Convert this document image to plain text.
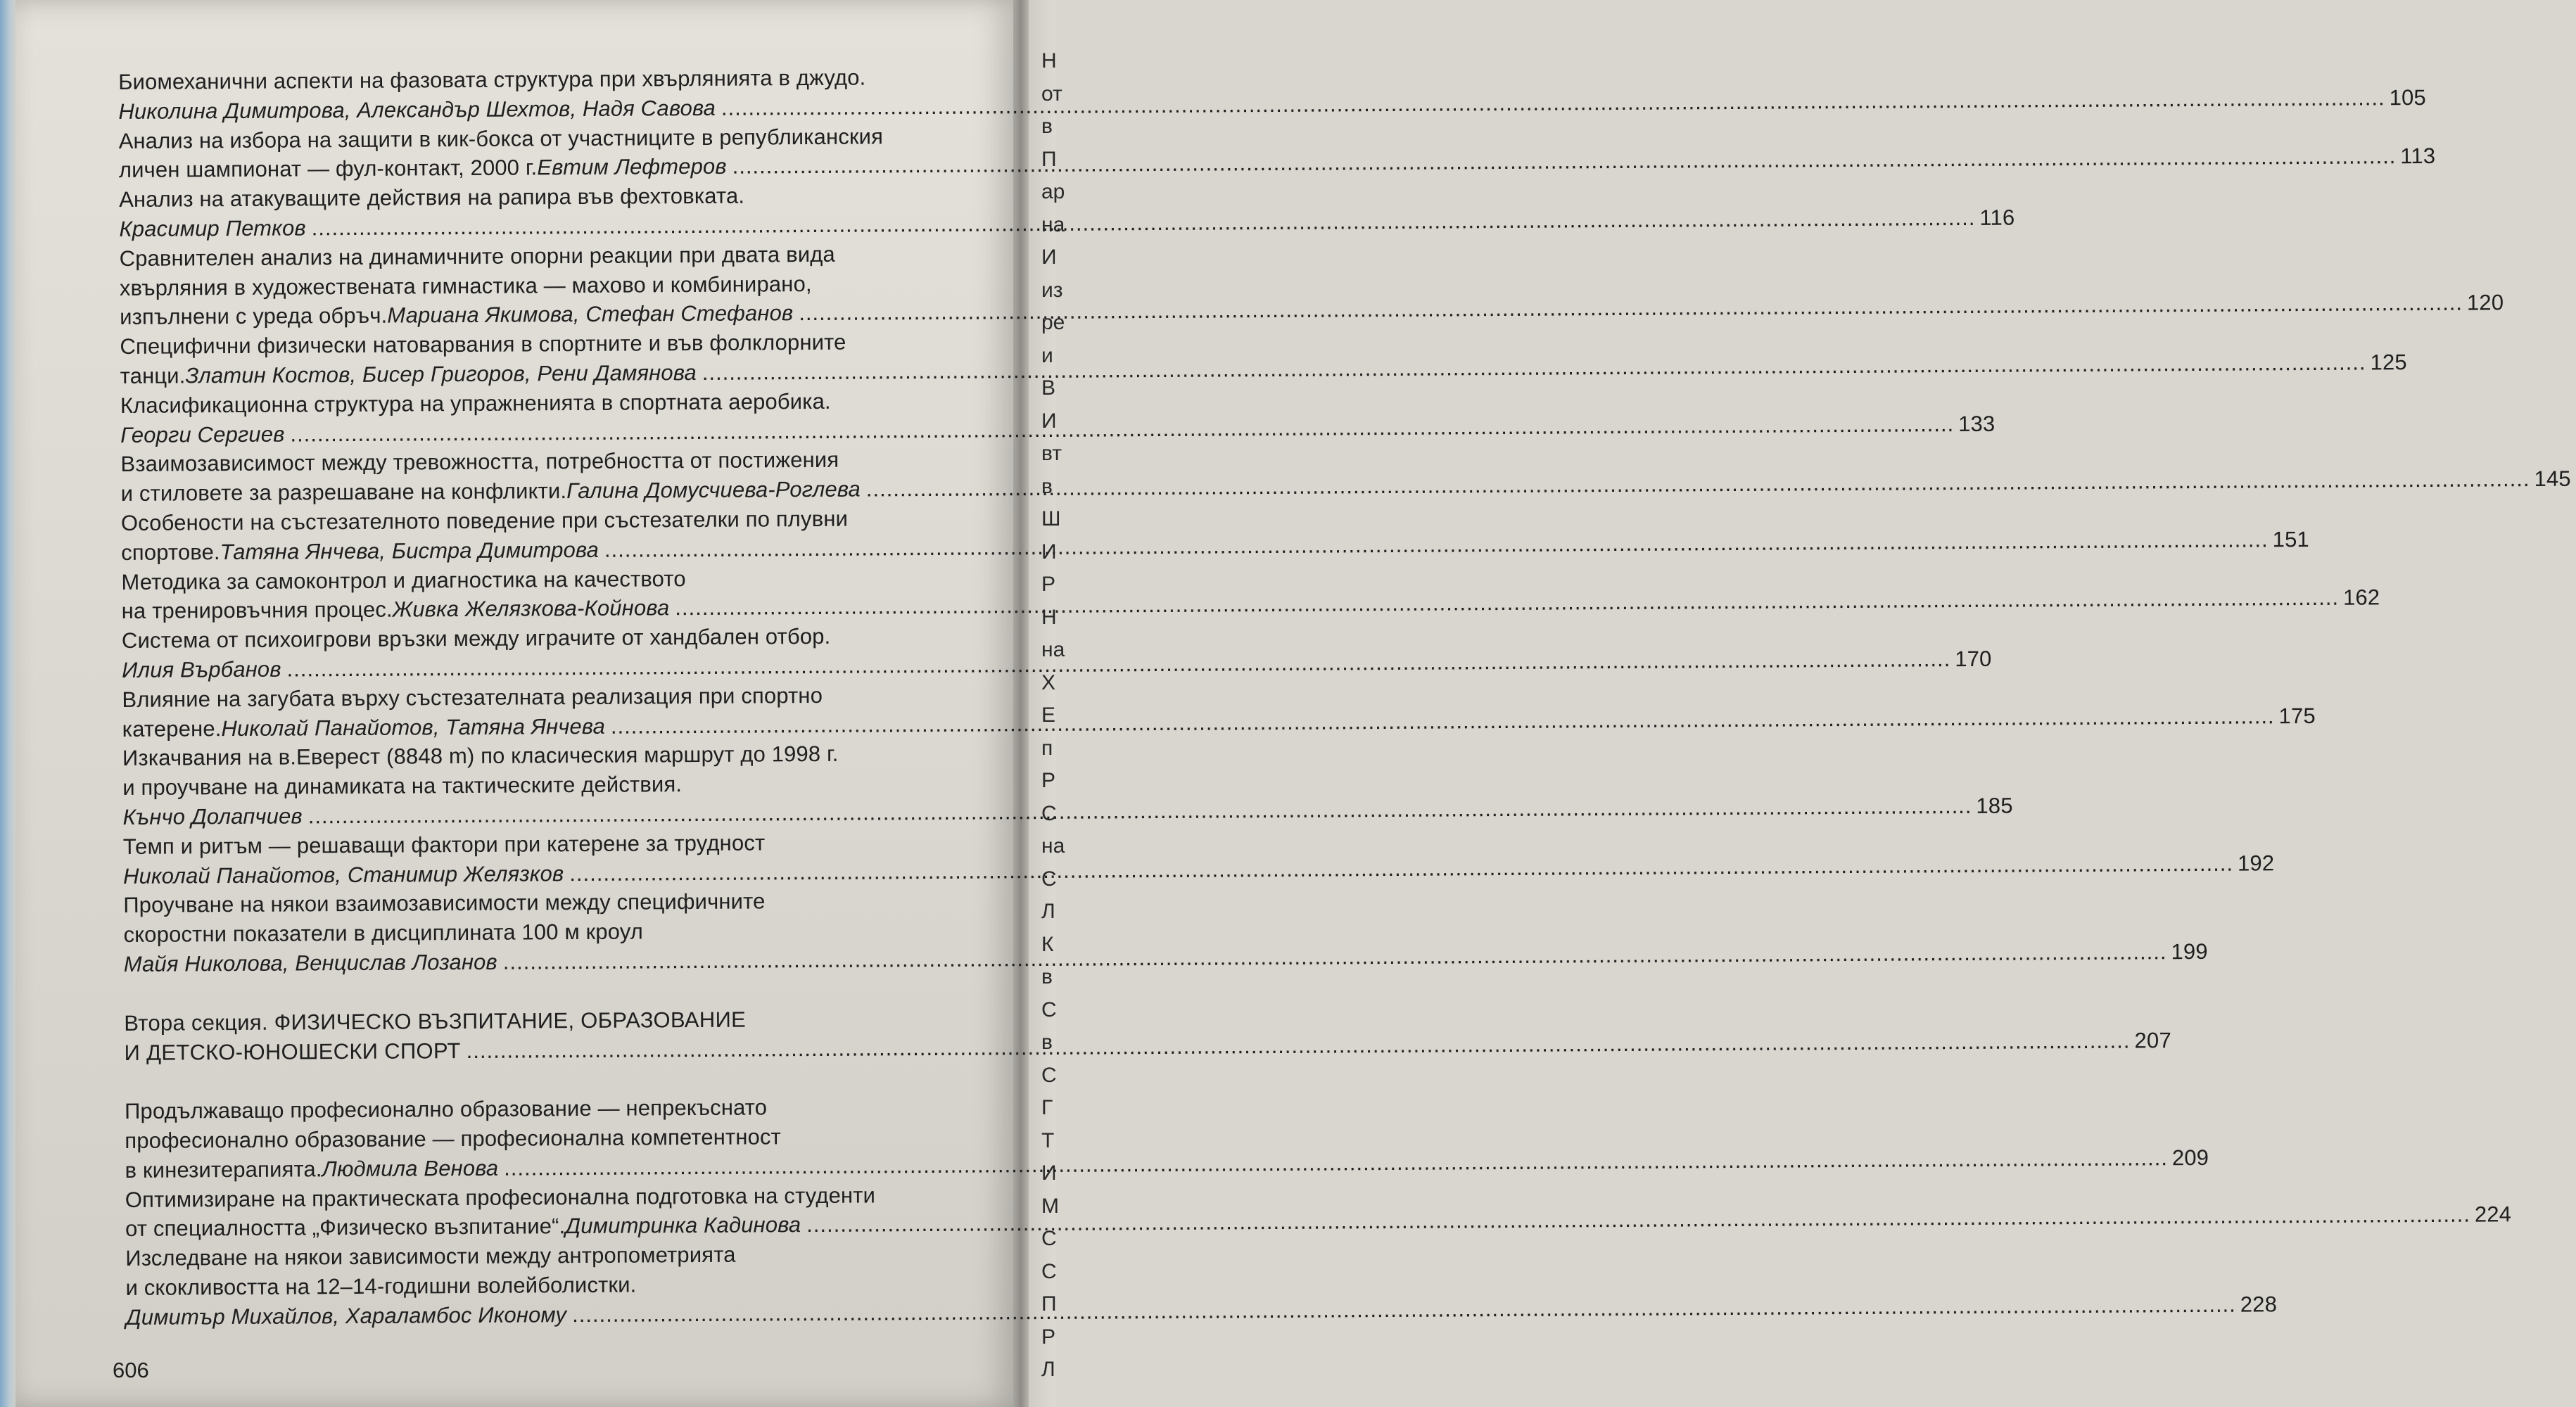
Н
от
в
П
ар
на
И
из
ре
и
В
И
вт
в
Ш
И
Р
Н
на
Х
Е
п
Р
С
на
С
Л
К
в
С
в
С
Г
Т
И
М
С
С
П
Р
Л
Биомеханични аспекти на фазовата структура при хвърлянията в джудо.
Николина Димитрова, Александър Шехтов, Надя Савова .....	105
Анализ на избора на защити в кик-бокса от участниците в републиканския
личен шампионат — фул-контакт, 2000 г. Евтим Лефтеров .....	113
Анализ на атакуващите действия на рапира във фехтовката.
Красимир Петков .....	116
Сравнителен анализ на динамичните опорни реакции при двата вида
хвърляния в художествената гимнастика — махово и комбинирано,
изпълнени с уреда обръч. Мариана Якимова, Стефан Стефанов .....	120
Специфични физически натоварвания в спортните и във фолклорните
танци. Златин Костов, Бисер Григоров, Рени Дамянова .....	125
Класификационна структура на упражненията в спортната аеробика.
Георги Сергиев .....	133
Взаимозависимост между тревожността, потребността от постижения
и стиловете за разрешаване на конфликти. Галина Домусчиева-Роглева .....	145
Особености на състезателното поведение при състезателки по плувни
спортове. Татяна Янчева, Бистра Димитрова .....	151
Методика за самоконтрол и диагностика на качеството
на тренировъчния процес. Живка Желязкова-Койнова .....	162
Система от психоигрови връзки между играчите от хандбален отбор.
Илия Върбанов .....	170
Влияние на загубата върху състезателната реализация при спортно
катерене. Николай Панайотов, Татяна Янчева .....	175
Изкачвания на в.Еверест (8848 m) по класическия маршрут до 1998 г.
и проучване на динамиката на тактическите действия.
Кънчо Долапчиев .....	185
Темп и ритъм — решаващи фактори при катерене за трудност
Николай Панайотов, Станимир Желязков .....	192
Проучване на някои взаимозависимости между специфичните
скоростни показатели в дисциплината 100 м кроул
Майя Николова, Венцислав Лозанов .....	199
Втора секция. ФИЗИЧЕСКО ВЪЗПИТАНИЕ, ОБРАЗОВАНИЕ
И ДЕТСКО-ЮНОШЕСКИ СПОРТ .....	207
Продължаващо професионално образование — непрекъснато
професионално образование — професионална компетентност
в кинезитерапията. Людмила Венова .....	209
Оптимизиране на практическата професионална подготовка на студенти
от специалността „Физическо възпитание“. Димитринка Кадинова .....	224
Изследване на някои зависимости между антропометрията
и скокливостта на 12–14-годишни волейболистки.
Димитър Михайлов, Хараламбос Иконому .....	228
606
